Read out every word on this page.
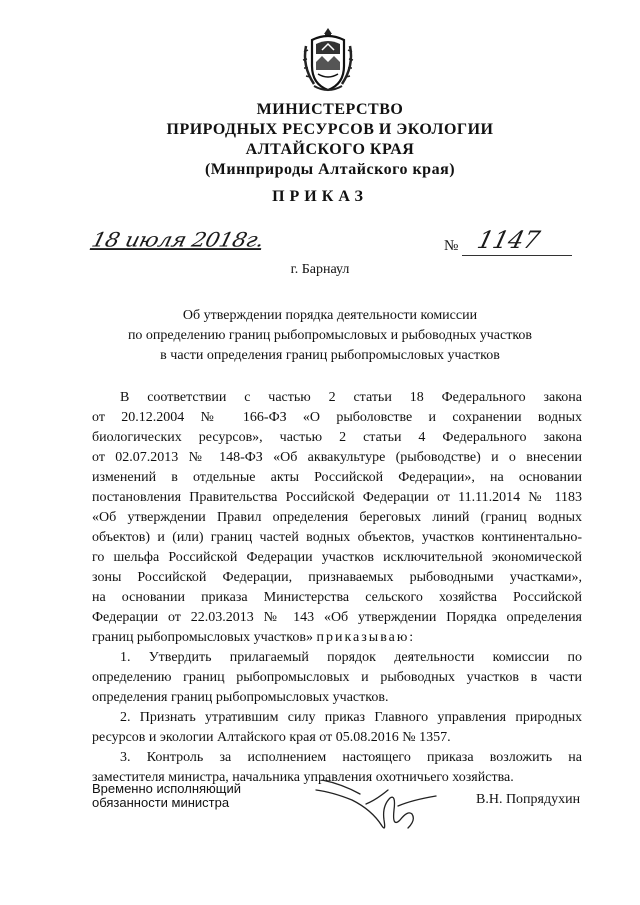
МИНИСТЕРСТВО
ПРИРОДНЫХ РЕСУРСОВ И ЭКОЛОГИИ
АЛТАЙСКОГО КРАЯ
(Минприроды Алтайского края)
ПРИКАЗ
18 июля 2018г.	№ 1147
г. Барнаул
Об утверждении порядка деятельности комиссии
по определению границ рыбопромысловых и рыбоводных участков
в части определения границ рыбопромысловых участков
В соответствии с частью 2 статьи 18 Федерального закона
от 20.12.2004 № 166-ФЗ «О рыболовстве и сохранении водных
биологических ресурсов», частью 2 статьи 4 Федерального закона
от 02.07.2013 № 148-ФЗ «Об аквакультуре (рыбоводстве) и о внесении
изменений в отдельные акты Российской Федерации», на основании
постановления Правительства Российской Федерации от 11.11.2014 № 1183
«Об утверждении Правил определения береговых линий (границ водных
объектов) и (или) границ частей водных объектов, участков континентально-
го шельфа Российской Федерации участков исключительной экономической
зоны Российской Федерации, признаваемых рыбоводными участками»,
на основании приказа Министерства сельского хозяйства Российской
Федерации от 22.03.2013 № 143 «Об утверждении Порядка определения
границ рыбопромысловых участков» приказываю:
1. Утвердить прилагаемый порядок деятельности комиссии по
определению границ рыбопромысловых и рыбоводных участков в части
определения границ рыбопромысловых участков.
2. Признать утратившим силу приказ Главного управления природных
ресурсов и экологии Алтайского края от 05.08.2016 № 1357.
3. Контроль за исполнением настоящего приказа возложить на
заместителя министра, начальника управления охотничьего хозяйства.
Временно исполняющий
обязанности министра	В.Н. Попрядухин
